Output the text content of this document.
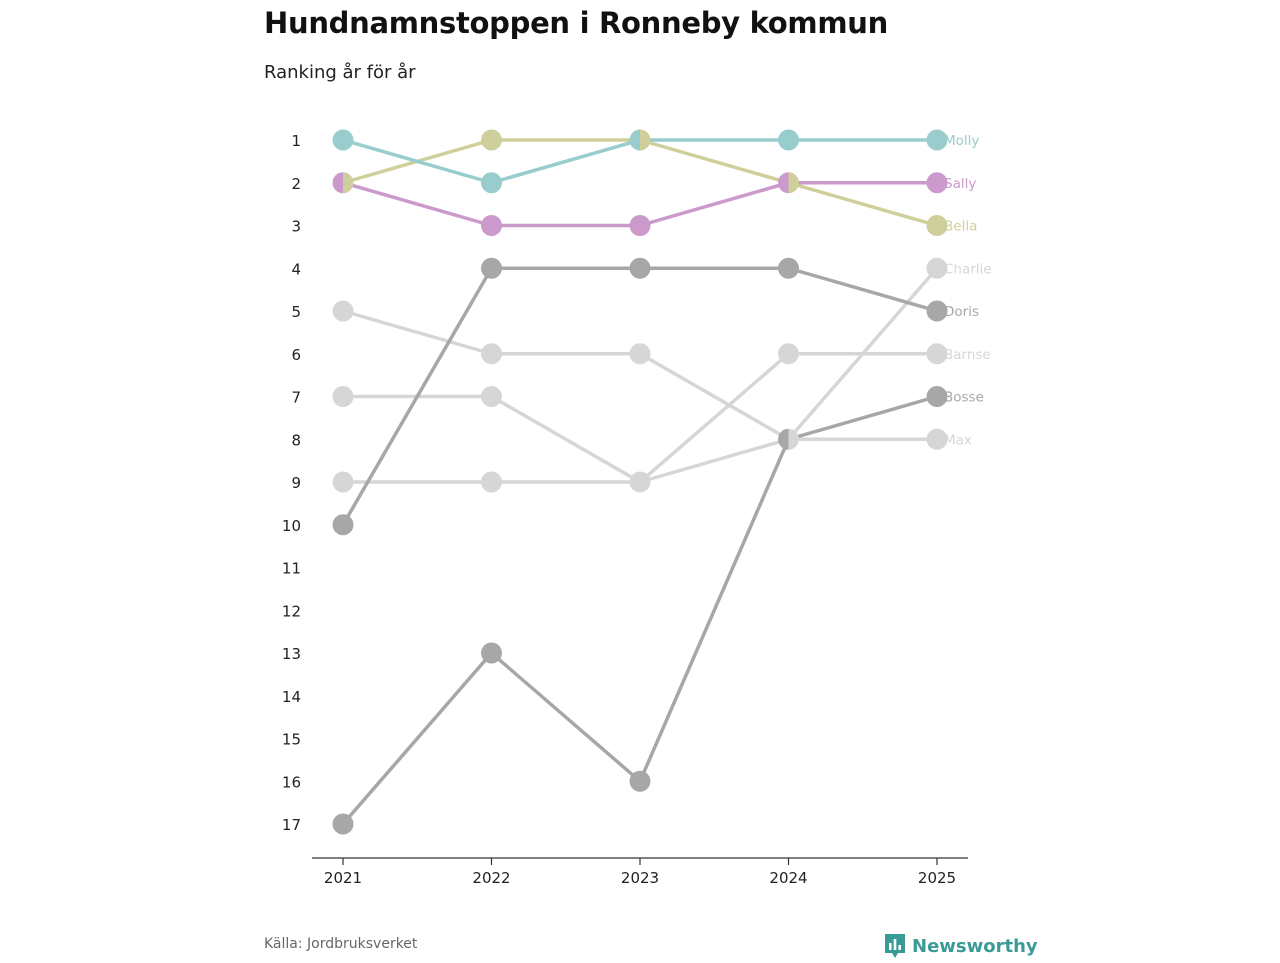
Hundnamnstoppen i Ronneby kommun
Ranking år för år
1
2
3
4
5
6
7
8
9
10
11
12
13
14
15
16
17
2021	2022	2023	2024	2025
Max
Barnse
Charlie
Bosse
Doris
Bella
Sally
Molly
Källa: Jordbruksverket	Newsworthy
